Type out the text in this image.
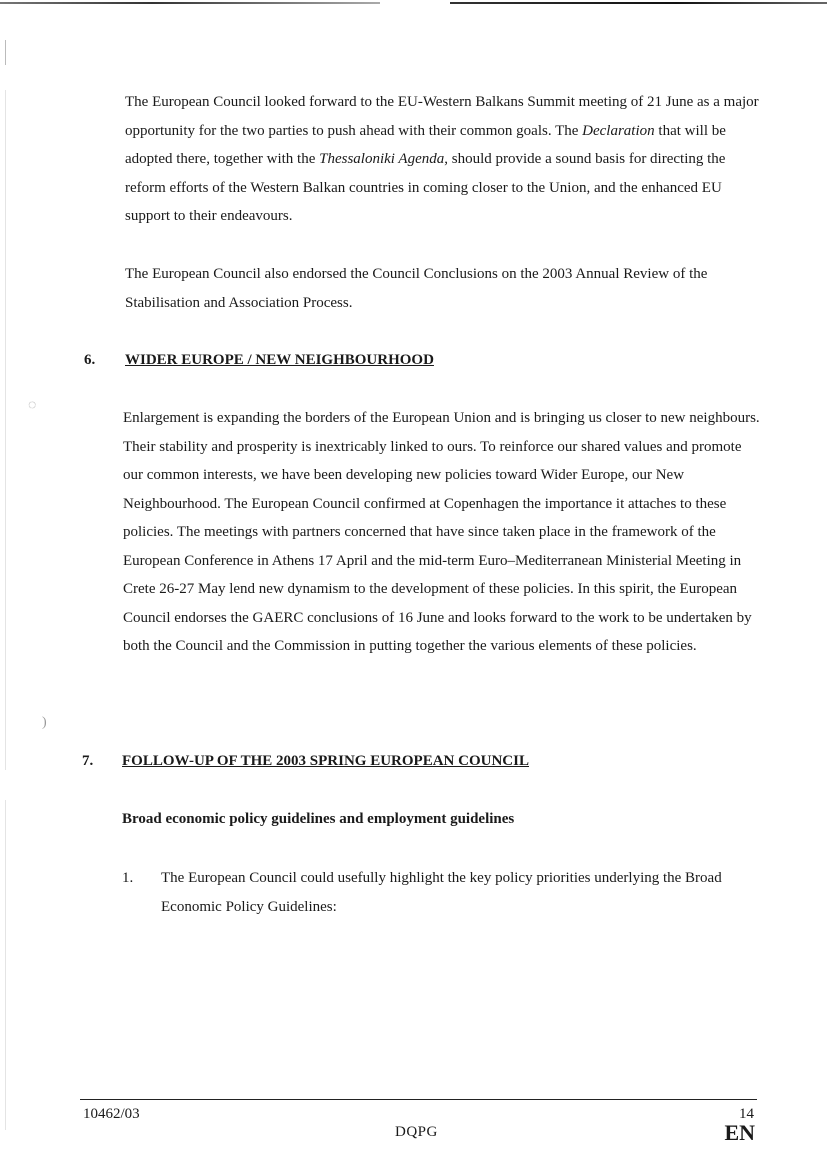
◌
)

The European Council looked forward to the EU-Western Balkans Summit meeting of 21 June as a major opportunity for the two parties to push ahead with their common goals. The Declaration that will be adopted there, together with the Thessaloniki Agenda, should provide a sound basis for directing the reform efforts of the Western Balkan countries in coming closer to the Union, and the enhanced EU support to their endeavours.

The European Council also endorsed the Council Conclusions on the 2003 Annual Review of the Stabilisation and Association Process.

6. WIDER EUROPE / NEW NEIGHBOURHOOD

Enlargement is expanding the borders of the European Union and is bringing us closer to new neighbours. Their stability and prosperity is inextricably linked to ours. To reinforce our shared values and promote our common interests, we have been developing new policies toward Wider Europe, our New Neighbourhood. The European Council confirmed at Copenhagen the importance it attaches to these policies. The meetings with partners concerned that have since taken place in the framework of the European Conference in Athens 17 April and the mid-term Euro–Mediterranean Ministerial Meeting in Crete 26-27 May lend new dynamism to the development of these policies. In this spirit, the European Council endorses the GAERC conclusions of 16 June and looks forward to the work to be undertaken by both the Council and the Commission in putting together the various elements of these policies.

7. FOLLOW-UP OF THE 2003 SPRING EUROPEAN COUNCIL
Broad economic policy guidelines and employment guidelines
1. The European Council could usefully highlight the key policy priorities underlying the Broad Economic Policy Guidelines:

10462/03	14
DQPG	EN
